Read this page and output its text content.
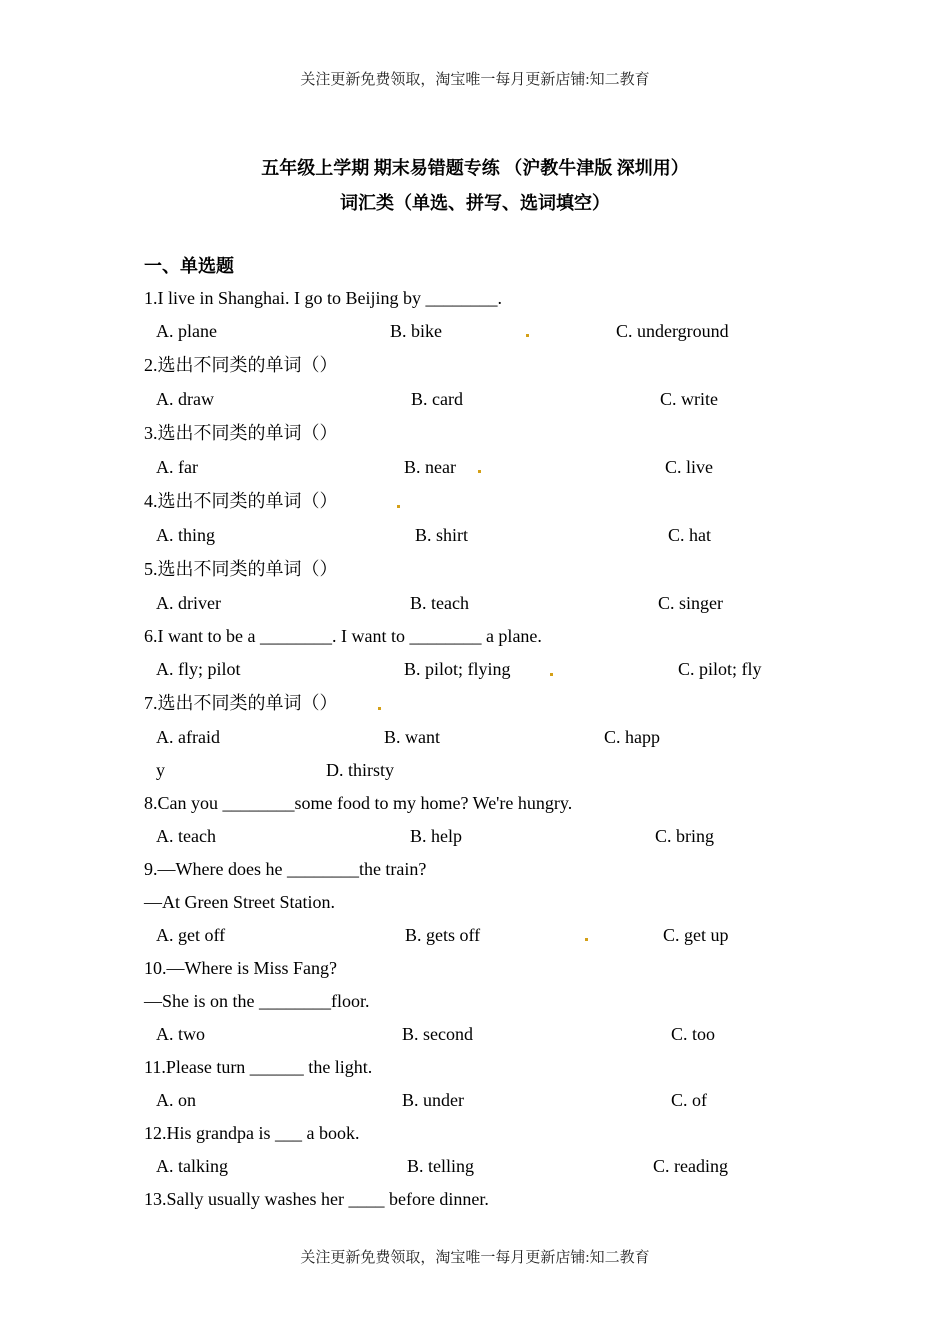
关注更新免费领取，淘宝唯一每月更新店铺:知二教育
五年级上学期 期末易错题专练 （沪教牛津版 深圳用）
词汇类（单选、拼写、选词填空）
一、单选题
1.I live in Shanghai. I go to Beijing by ________.
A. plane	B. bike	C. underground
2.选出不同类的单词（）
A. draw	B. card	C. write
3.选出不同类的单词（）
A. far	B. near	C. live
4.选出不同类的单词（）
A. thing	B. shirt	C. hat
5.选出不同类的单词（）
A. driver	B. teach	C. singer
6.I want to be a ________. I want to ________ a plane.
A. fly; pilot	B. pilot; flying	C. pilot; fly
7.选出不同类的单词（）
A. afraid	B. want	C. happ
y	D. thirsty
8.Can you ________some food to my home? We're hungry.
A. teach	B. help	C. bring
9.—Where does he ________the train?
—At Green Street Station.
A. get off	B. gets off	C. get up
10.—Where is Miss Fang?
—She is on the ________floor.
A. two	B. second	C. too
11.Please turn ______ the light.
A. on	B. under	C. of
12.His grandpa is ___ a book.
A. talking	B. telling	C. reading
13.Sally usually washes her ____ before dinner.
关注更新免费领取，淘宝唯一每月更新店铺:知二教育
